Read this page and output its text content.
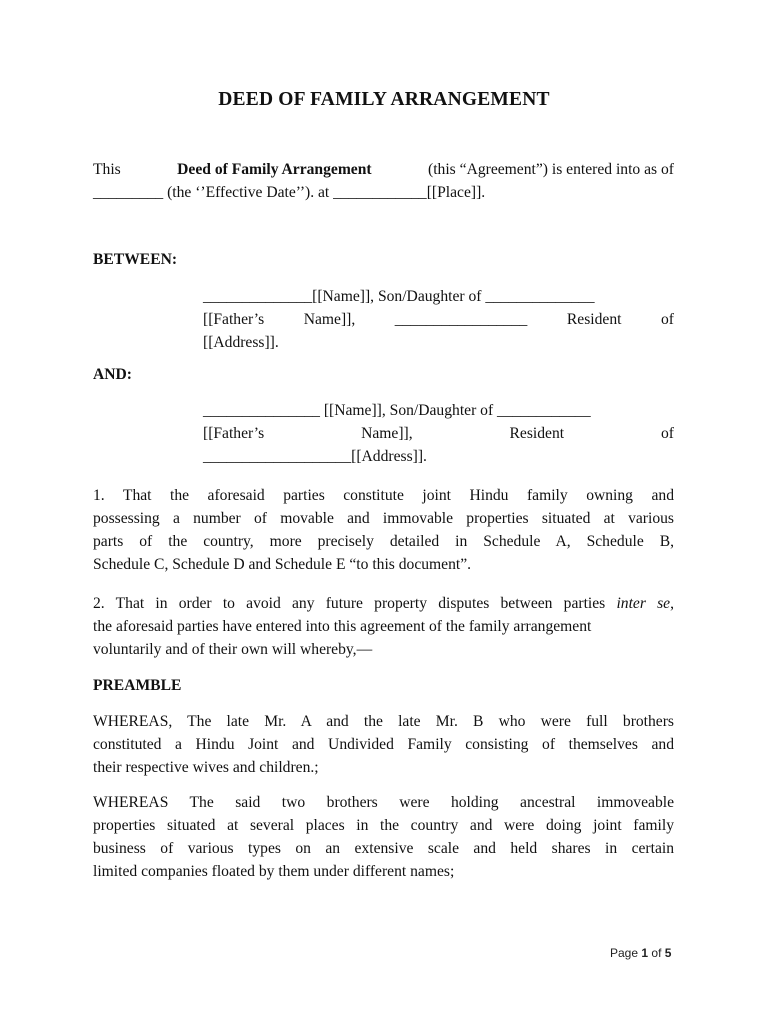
DEED OF FAMILY ARRANGEMENT
This	Deed of Family Arrangement	(this “Agreement”) is entered into as of
_________ (the ‘’Effective Date’’). at ____________[[Place]].
BETWEEN:
______________[[Name]], Son/Daughter of ______________
[[Father’s	Name]],	_________________	Resident	of
[[Address]].
AND:
_______________ [[Name]], Son/Daughter of ____________
[[Father’s	Name]],	Resident	of
___________________[[Address]].
1. That the aforesaid parties constitute joint Hindu family owning and
possessing a number of movable and immovable properties situated at various
parts of the country, more precisely detailed in Schedule A, Schedule B,
Schedule C, Schedule D and Schedule E “to this document”.
2. That in order to avoid any future property disputes between parties inter se,
the aforesaid parties have entered into this agreement of the family arrangement
voluntarily and of their own will whereby,—
PREAMBLE
WHEREAS, The late Mr. A and the late Mr. B who were full brothers
constituted a Hindu Joint and Undivided Family consisting of themselves and
their respective wives and children.;
WHEREAS The said two brothers were holding ancestral immoveable
properties situated at several places in the country and were doing joint family
business of various types on an extensive scale and held shares in certain
limited companies floated by them under different names;
Page 1 of 5
